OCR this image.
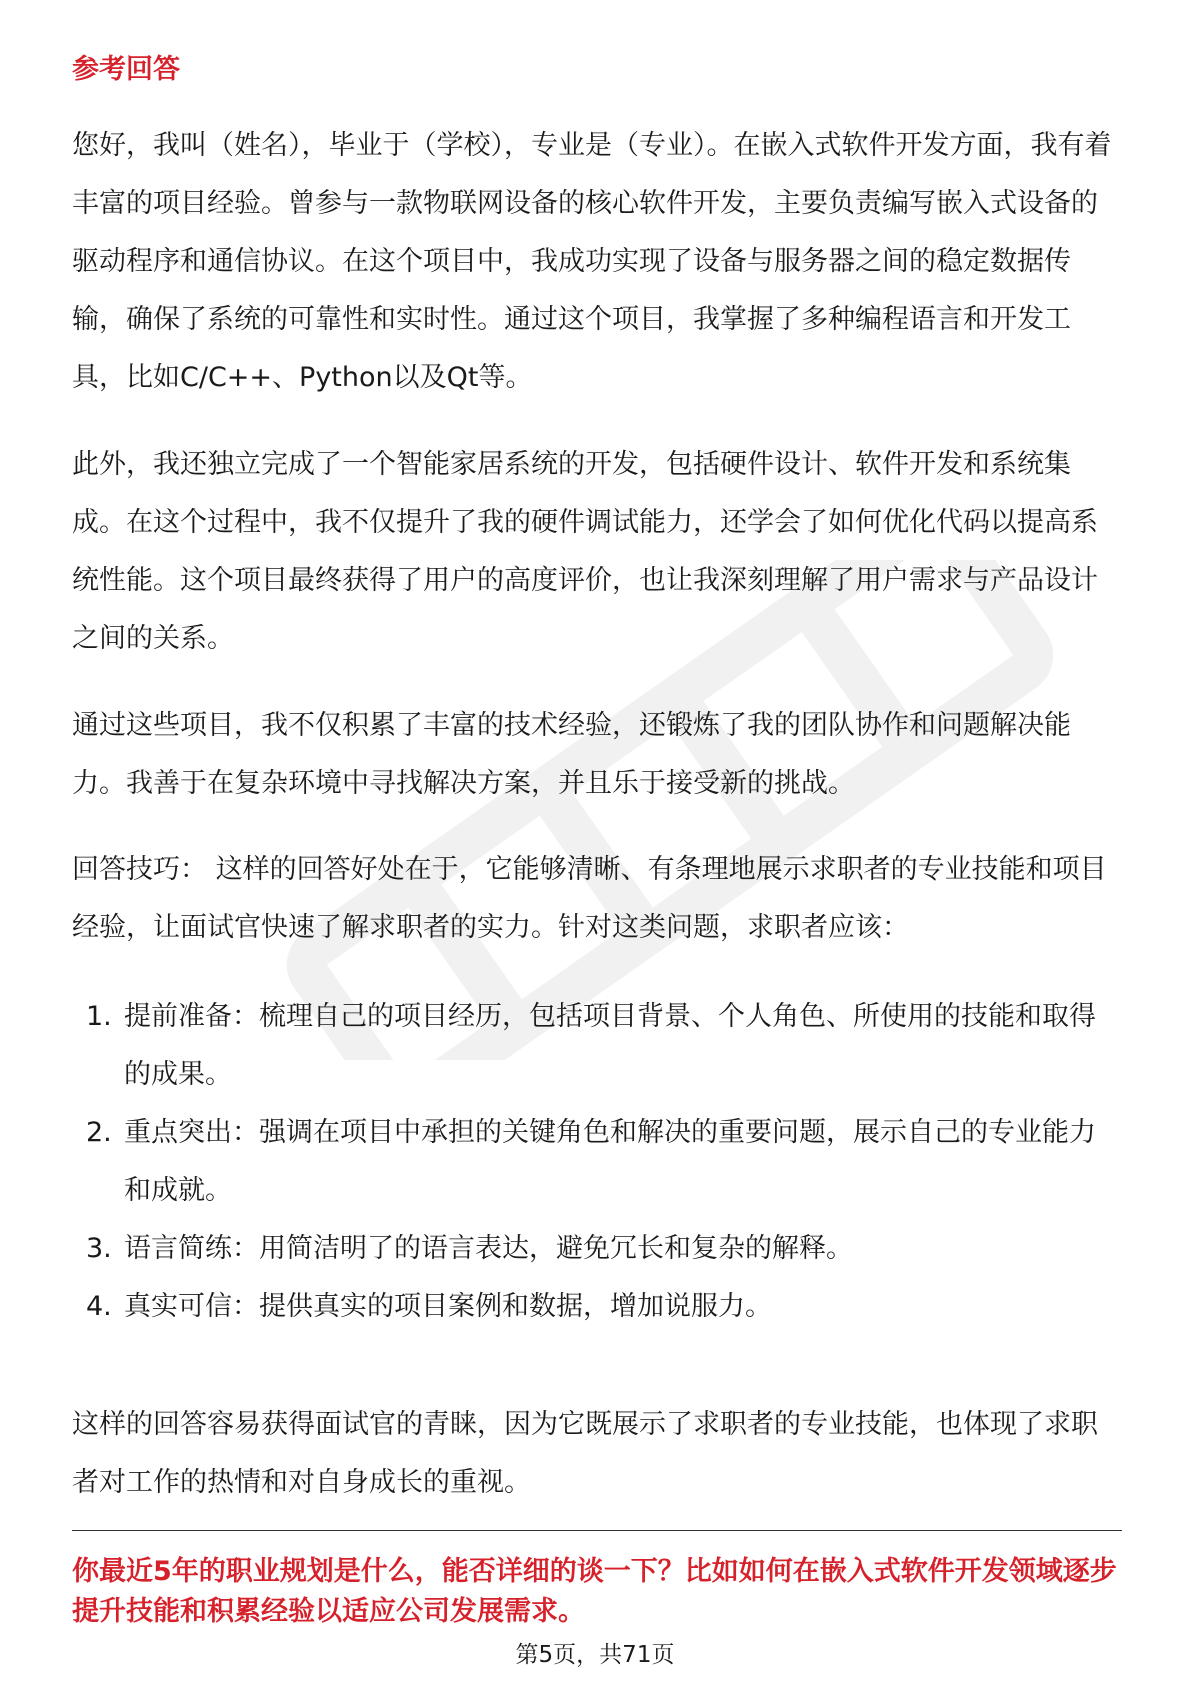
参考回答

您好，我叫（姓名），毕业于（学校），专业是（专业）。在嵌入式软件开发方面，我有着丰富的项目经验。曾参与一款物联网设备的核心软件开发，主要负责编写嵌入式设备的驱动程序和通信协议。在这个项目中，我成功实现了设备与服务器之间的稳定数据传输，确保了系统的可靠性和实时性。通过这个项目，我掌握了多种编程语言和开发工具，比如C/C++、Python以及Qt等。

此外，我还独立完成了一个智能家居系统的开发，包括硬件设计、软件开发和系统集成。在这个过程中，我不仅提升了我的硬件调试能力，还学会了如何优化代码以提高系统性能。这个项目最终获得了用户的高度评价，也让我深刻理解了用户需求与产品设计之间的关系。

通过这些项目，我不仅积累了丰富的技术经验，还锻炼了我的团队协作和问题解决能力。我善于在复杂环境中寻找解决方案，并且乐于接受新的挑战。

回答技巧： 这样的回答好处在于，它能够清晰、有条理地展示求职者的专业技能和项目经验，让面试官快速了解求职者的实力。针对这类问题，求职者应该：

1. 提前准备：梳理自己的项目经历，包括项目背景、个人角色、所使用的技能和取得的成果。
2. 重点突出：强调在项目中承担的关键角色和解决的重要问题，展示自己的专业能力和成就。
3. 语言简练：用简洁明了的语言表达，避免冗长和复杂的解释。
4. 真实可信：提供真实的项目案例和数据，增加说服力。

这样的回答容易获得面试官的青睐，因为它既展示了求职者的专业技能，也体现了求职者对工作的热情和对自身成长的重视。

你最近5年的职业规划是什么，能否详细的谈一下？比如如何在嵌入式软件开发领域逐步提升技能和积累经验以适应公司发展需求。

第5页，共71页
